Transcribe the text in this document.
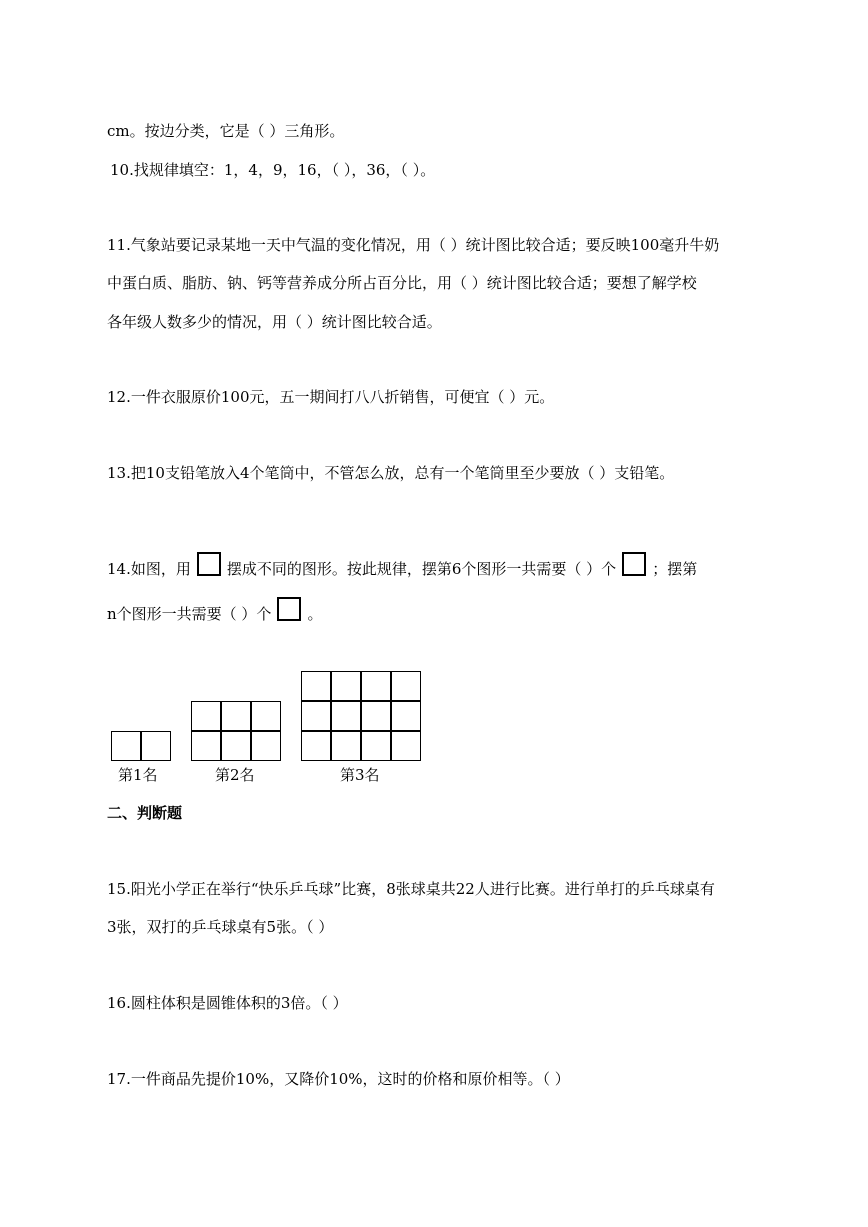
cm。按边分类，它是（ ）三角形。
10.找规律填空：1，4，9，16，（ ），36，（ ）。
11.气象站要记录某地一天中气温的变化情况，用（ ）统计图比较合适；要反映100毫升牛奶
中蛋白质、脂肪、钠、钙等营养成分所占百分比，用（ ）统计图比较合适；要想了解学校
各年级人数多少的情况，用（ ）统计图比较合适。
12.一件衣服原价100元，五一期间打八八折销售，可便宜（ ）元。
13.把10支铅笔放入4个笔筒中，不管怎么放，总有一个笔筒里至少要放（ ）支铅笔。
14.如图，用 摆成不同的图形。按此规律，摆第6个图形一共需要（ ）个 ；摆第
n个图形一共需要（ ）个 。
第1名	第2名	第3名
二、判断题
15.阳光小学正在举行“快乐乒乓球”比赛，8张球桌共22人进行比赛。进行单打的乒乓球桌有
3张，双打的乒乓球桌有5张。（ ）
16.圆柱体积是圆锥体积的3倍。（ ）
17.一件商品先提价10%，又降价10%，这时的价格和原价相等。（ ）
